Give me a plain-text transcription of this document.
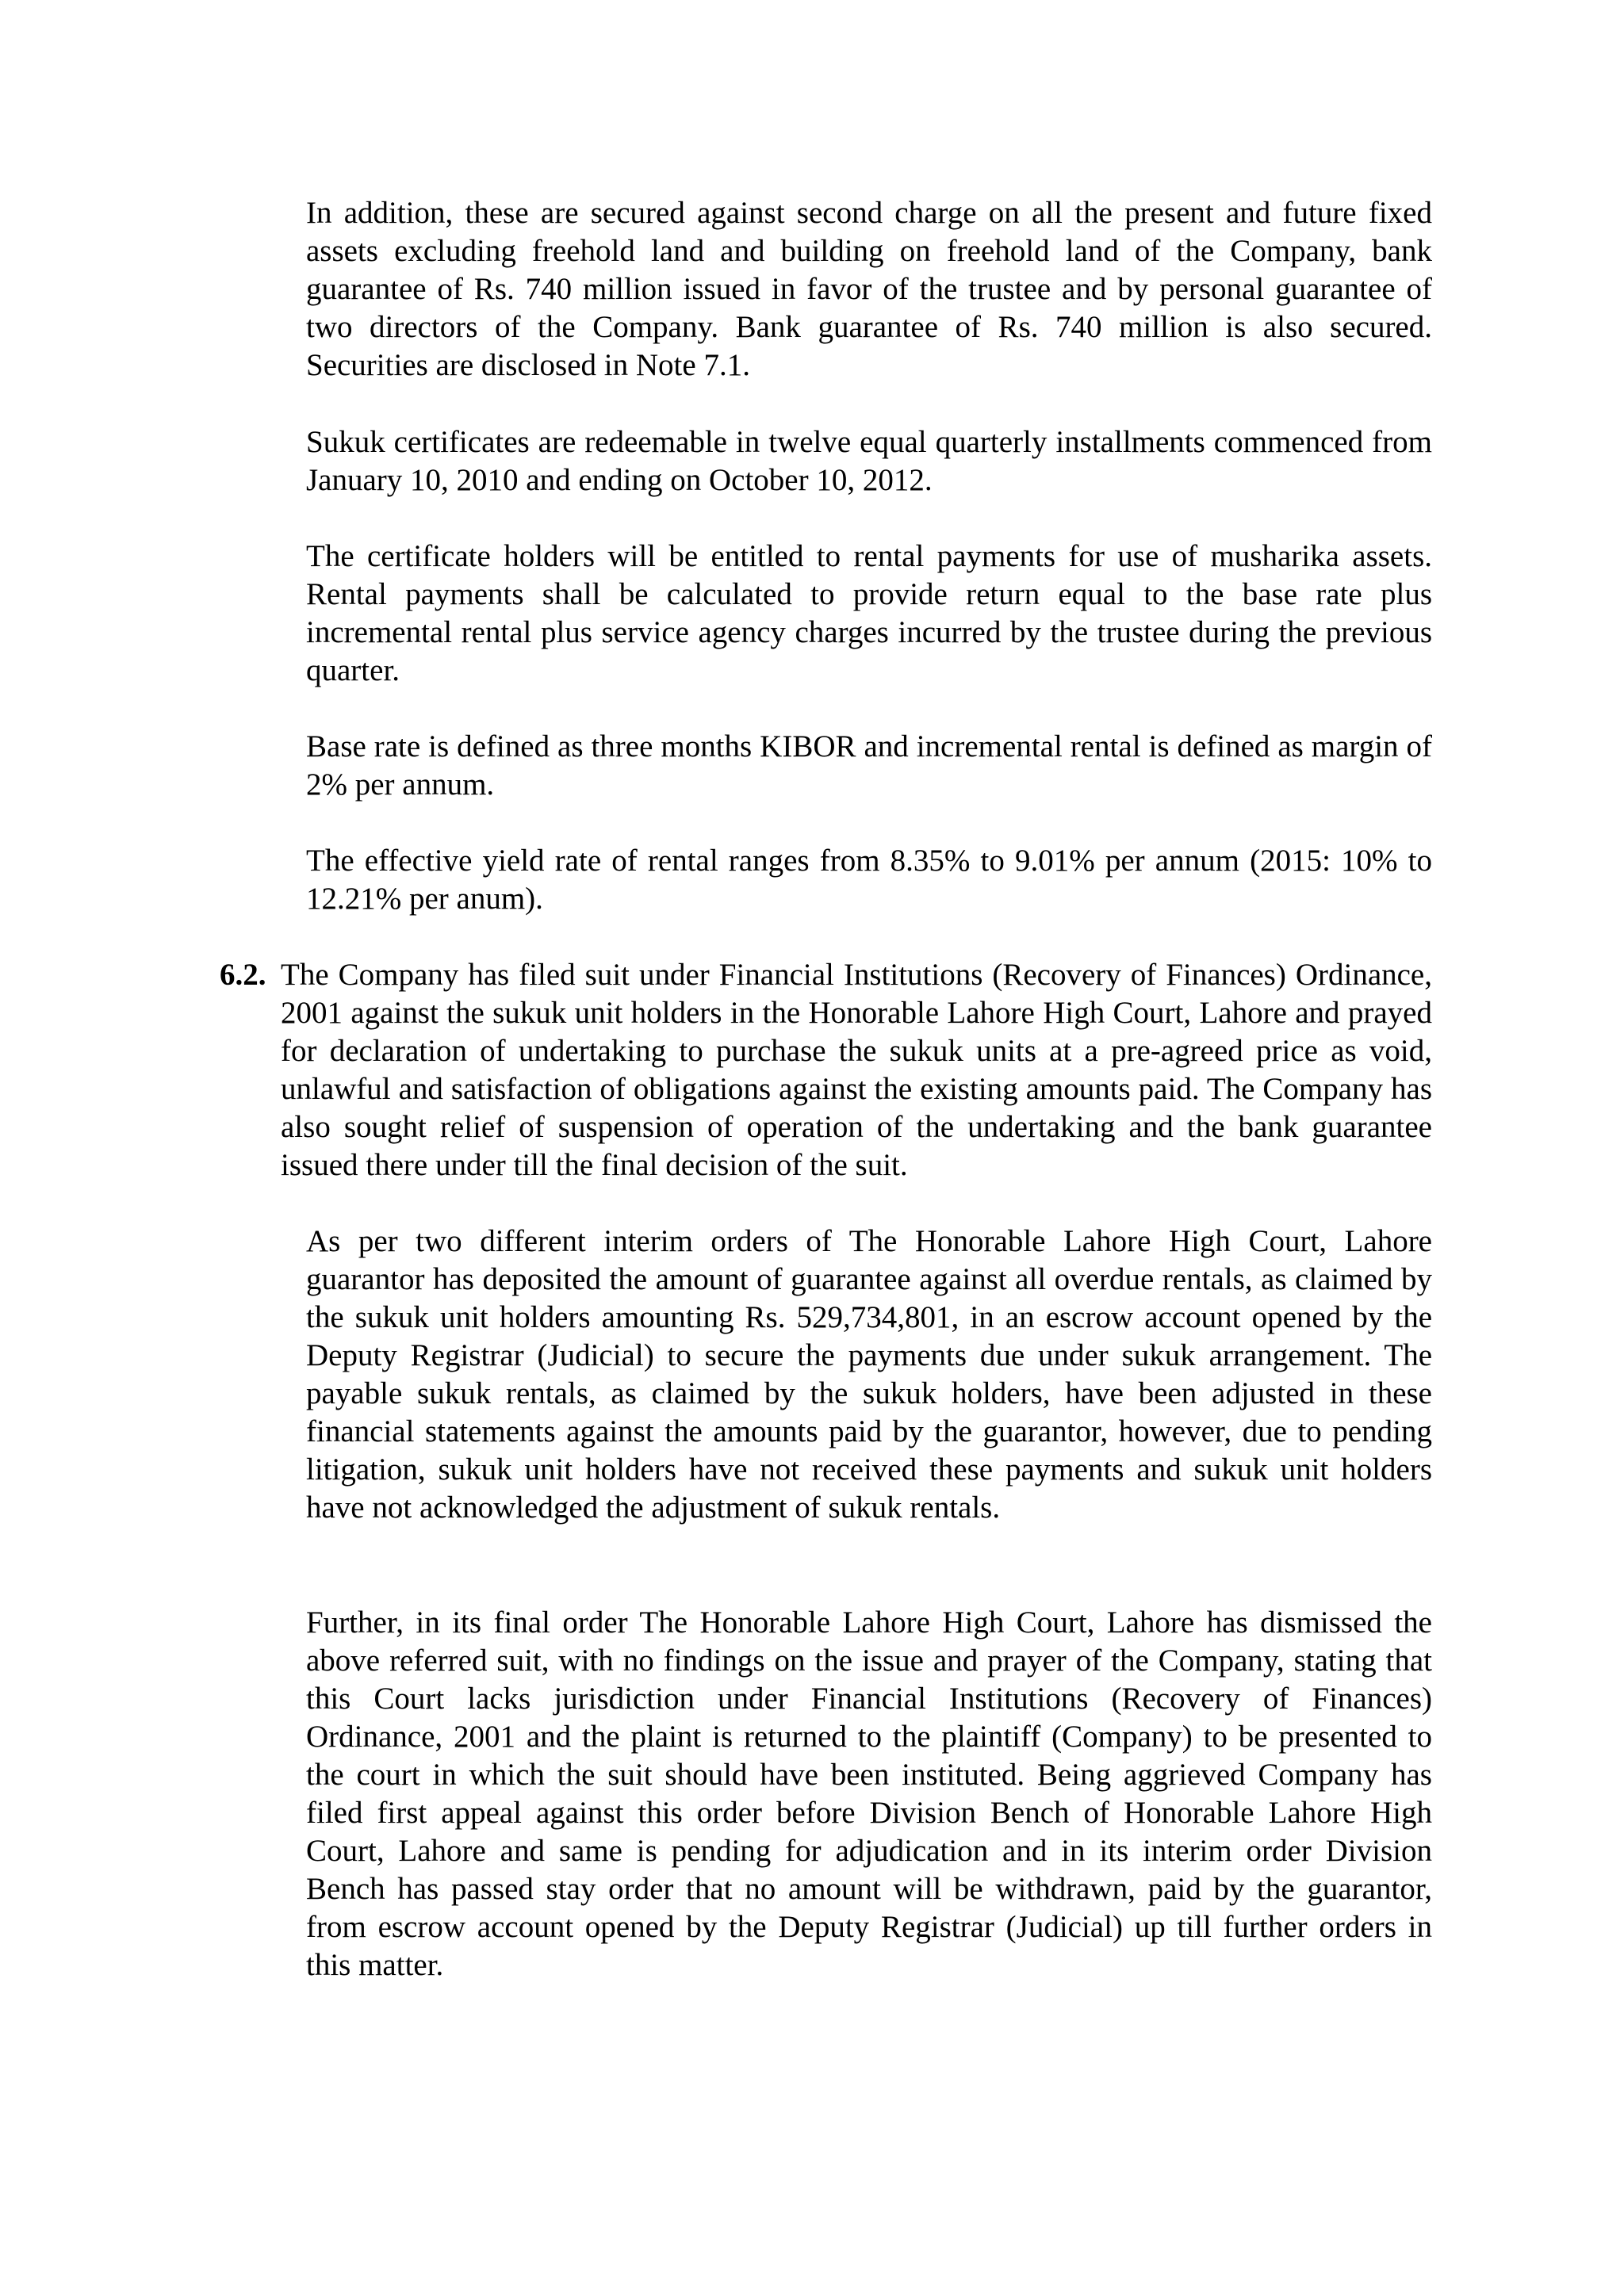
In addition, these are secured against second charge on all the present and future fixed assets excluding freehold land and building on freehold land of the Company, bank guarantee of Rs. 740 million issued in favor of the trustee and by personal guarantee of two directors of the Company. Bank guarantee of Rs. 740 million is also secured. Securities are disclosed in Note 7.1.

Sukuk certificates are redeemable in twelve equal quarterly installments commenced from January 10, 2010 and ending on October 10, 2012.

The certificate holders will be entitled to rental payments for use of musharika assets. Rental payments shall be calculated to provide return equal to the base rate plus incremental rental plus service agency charges incurred by the trustee during the previous quarter.

Base rate is defined as three months KIBOR and incremental rental is defined as margin of 2% per annum.

The effective yield rate of rental ranges from 8.35% to 9.01% per annum (2015: 10% to 12.21% per anum).

6.2. The Company has filed suit under Financial Institutions (Recovery of Finances) Ordinance, 2001 against the sukuk unit holders in the Honorable Lahore High Court, Lahore and prayed for declaration of undertaking to purchase the sukuk units at a pre-agreed price as void, unlawful and satisfaction of obligations against the existing amounts paid. The Company has also sought relief of suspension of operation of the undertaking and the bank guarantee issued there under till the final decision of the suit.

As per two different interim orders of The Honorable Lahore High Court, Lahore guarantor has deposited the amount of guarantee against all overdue rentals, as claimed by the sukuk unit holders amounting Rs. 529,734,801, in an escrow account opened by the Deputy Registrar (Judicial) to secure the payments due under sukuk arrangement. The payable sukuk rentals, as claimed by the sukuk holders, have been adjusted in these financial statements against the amounts paid by the guarantor, however, due to pending litigation, sukuk unit holders have not received these payments and sukuk unit holders have not acknowledged the adjustment of sukuk rentals.

Further, in its final order The Honorable Lahore High Court, Lahore has dismissed the above referred suit, with no findings on the issue and prayer of the Company, stating that this Court lacks jurisdiction under Financial Institutions (Recovery of Finances) Ordinance, 2001 and the plaint is returned to the plaintiff (Company) to be presented to the court in which the suit should have been instituted. Being aggrieved Company has filed first appeal against this order before Division Bench of Honorable Lahore High Court, Lahore and same is pending for adjudication and in its interim order Division Bench has passed stay order that no amount will be withdrawn, paid by the guarantor, from escrow account opened by the Deputy Registrar (Judicial) up till further orders in this matter.
